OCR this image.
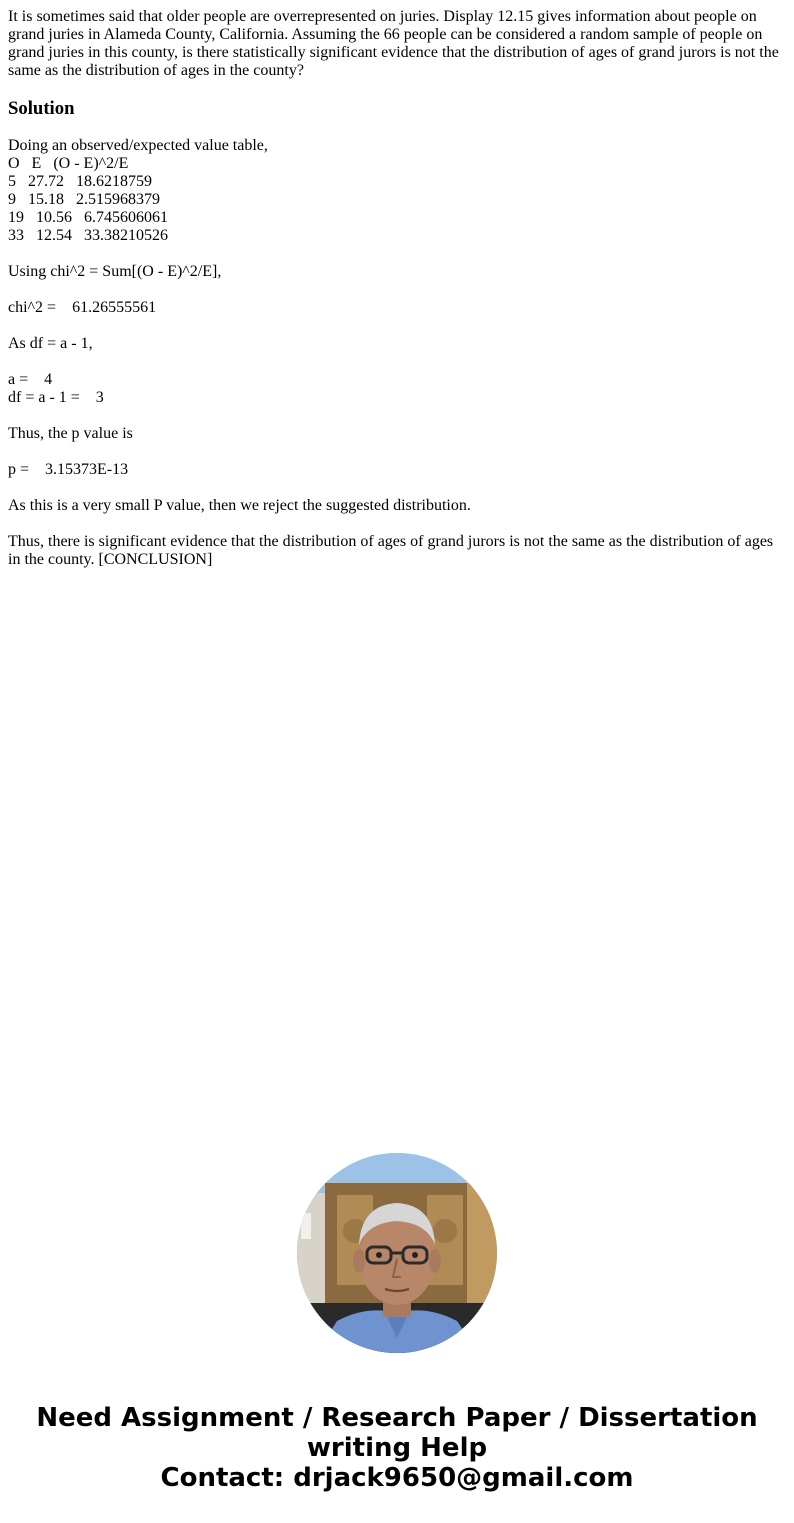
It is sometimes said that older people are overrepresented on juries. Display 12.15 gives information about people on grand juries in Alameda County, California. Assuming the 66 people can be considered a random sample of people on grand juries in this county, is there statistically significant evidence that the distribution of ages of grand jurors is not the same as the distribution of ages in the county?

Solution
Doing an observed/expected value table,
O   E   (O - E)^2/E
5   27.72   18.6218759
9   15.18   2.515968379
19   10.56   6.745606061
33   12.54   33.38210526
Using chi^2 = Sum[(O - E)^2/E],
chi^2 =    61.26555561
As df = a - 1,
a =    4
df = a - 1 =    3
Thus, the p value is
p =    3.15373E-13
As this is a very small P value, then we reject the suggested distribution.
Thus, there is significant evidence that the distribution of ages of grand jurors is not the same as the distribution of ages in the county. [CONCLUSION]
Need Assignment / Research Paper / Dissertation
writing Help
Contact: drjack9650@gmail.com
